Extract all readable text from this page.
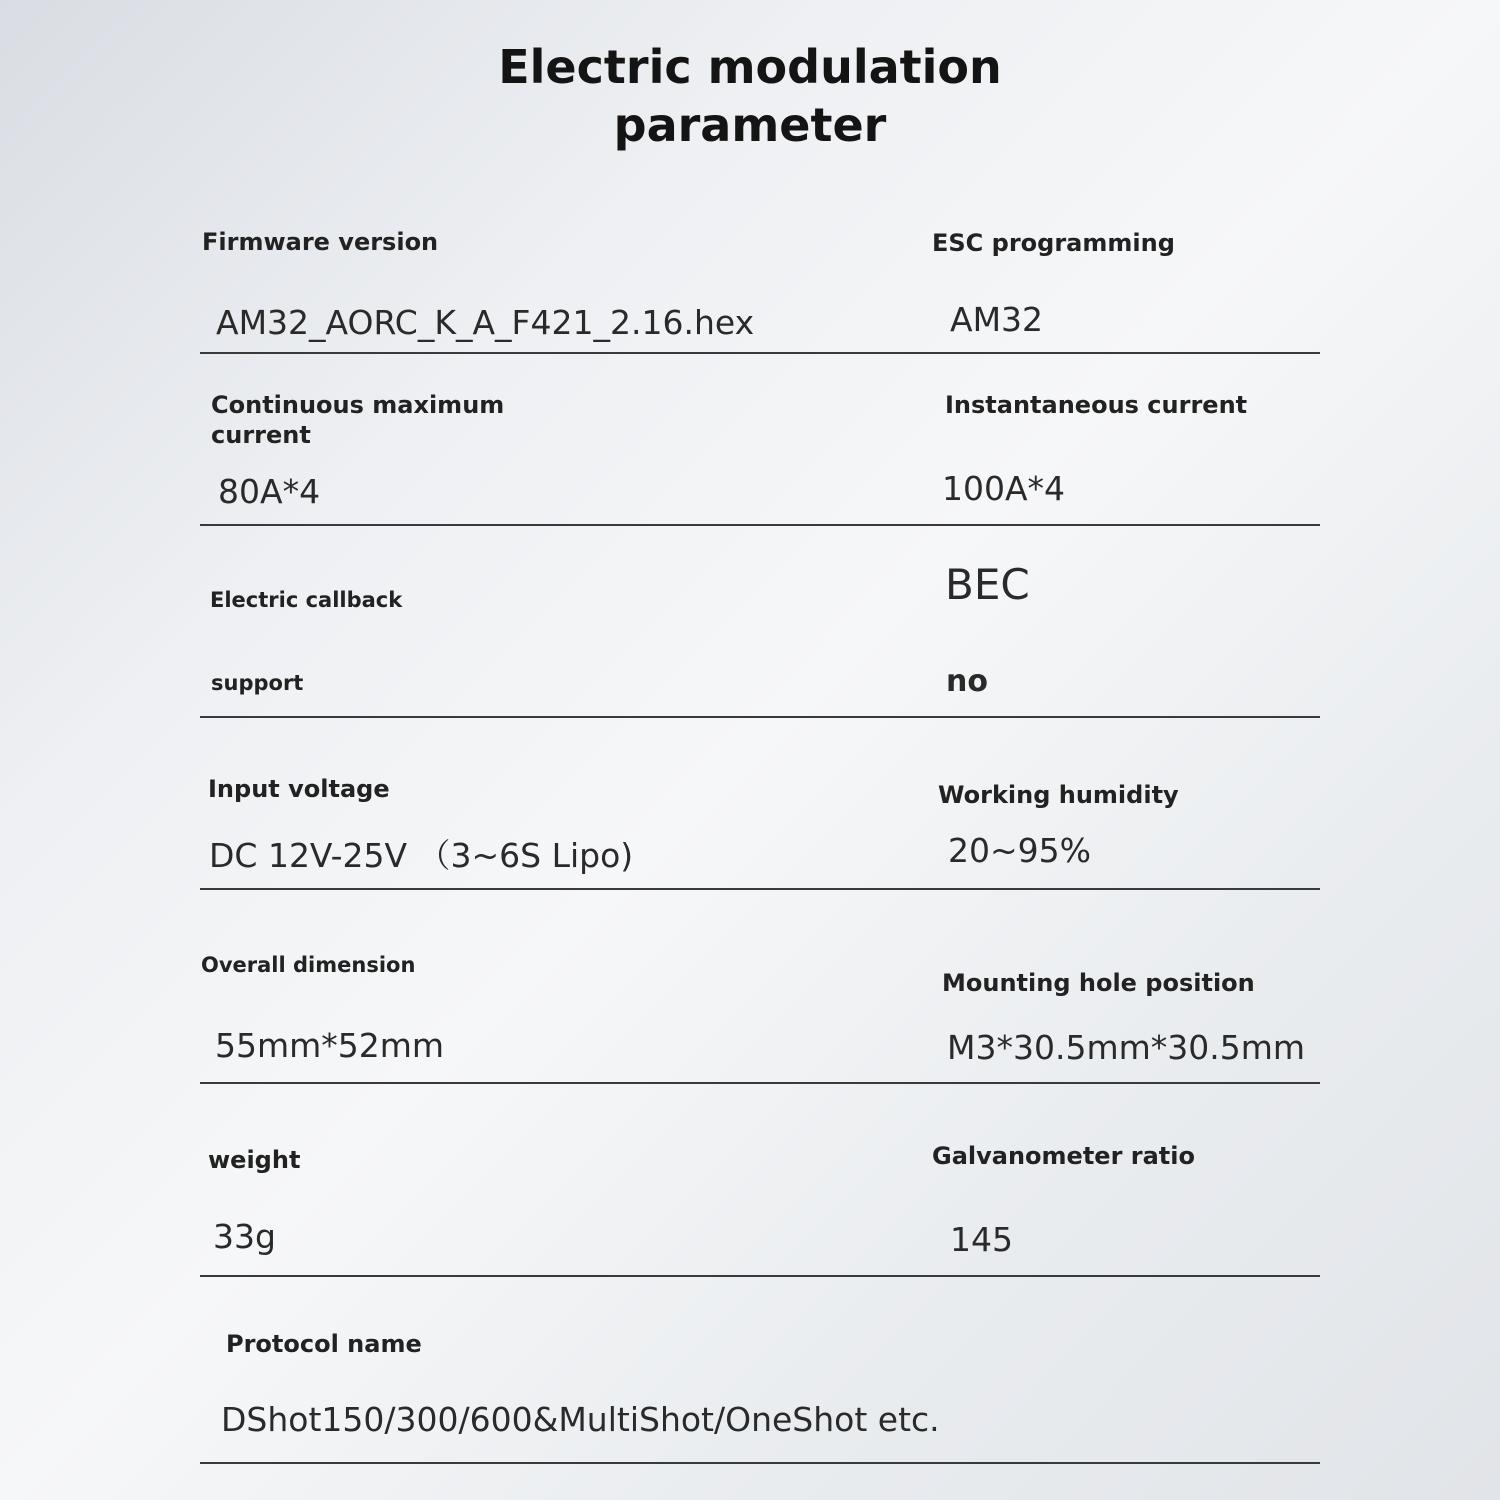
Electric modulation
parameter
Firmware version
AM32_AORC_K_A_F421_2.16.hex
ESC programming
AM32
Continuous maximum current
80A*4
Instantaneous current
100A*4
Electric callback
support
BEC
no
Input voltage
DC 12V-25V （3~6S Lipo)
Working humidity
20~95%
Overall dimension
55mm*52mm
Mounting hole position
M3*30.5mm*30.5mm
weight
33g
Galvanometer ratio
145
Protocol name
DShot150/300/600&MultiShot/OneShot etc.
